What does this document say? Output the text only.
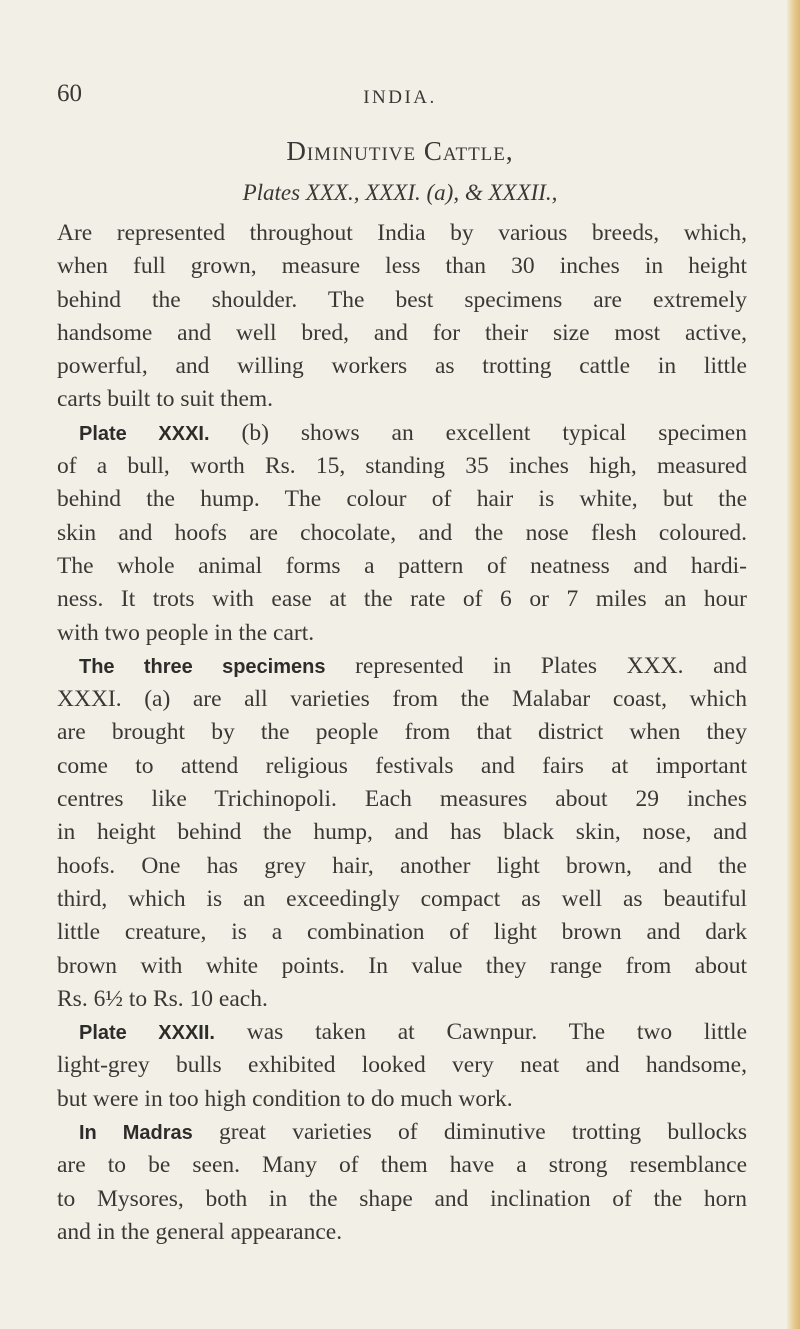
60	INDIA.
Diminutive Cattle,
Plates XXX., XXXI. (a), & XXXII.,
Are represented throughout India by various breeds, which,
when full grown, measure less than 30 inches in height
behind the shoulder. The best specimens are extremely
handsome and well bred, and for their size most active,
powerful, and willing workers as trotting cattle in little
carts built to suit them.
Plate XXXI. (b) shows an excellent typical specimen
of a bull, worth Rs. 15, standing 35 inches high, measured
behind the hump. The colour of hair is white, but the
skin and hoofs are chocolate, and the nose flesh coloured.
The whole animal forms a pattern of neatness and hardi-
ness. It trots with ease at the rate of 6 or 7 miles an hour
with two people in the cart.
The three specimens represented in Plates XXX. and
XXXI. (a) are all varieties from the Malabar coast, which
are brought by the people from that district when they
come to attend religious festivals and fairs at important
centres like Trichinopoli. Each measures about 29 inches
in height behind the hump, and has black skin, nose, and
hoofs. One has grey hair, another light brown, and the
third, which is an exceedingly compact as well as beautiful
little creature, is a combination of light brown and dark
brown with white points. In value they range from about
Rs. 6½ to Rs. 10 each.
Plate XXXII. was taken at Cawnpur. The two little
light-grey bulls exhibited looked very neat and handsome,
but were in too high condition to do much work.
In Madras great varieties of diminutive trotting bullocks
are to be seen. Many of them have a strong resemblance
to Mysores, both in the shape and inclination of the horn
and in the general appearance.
